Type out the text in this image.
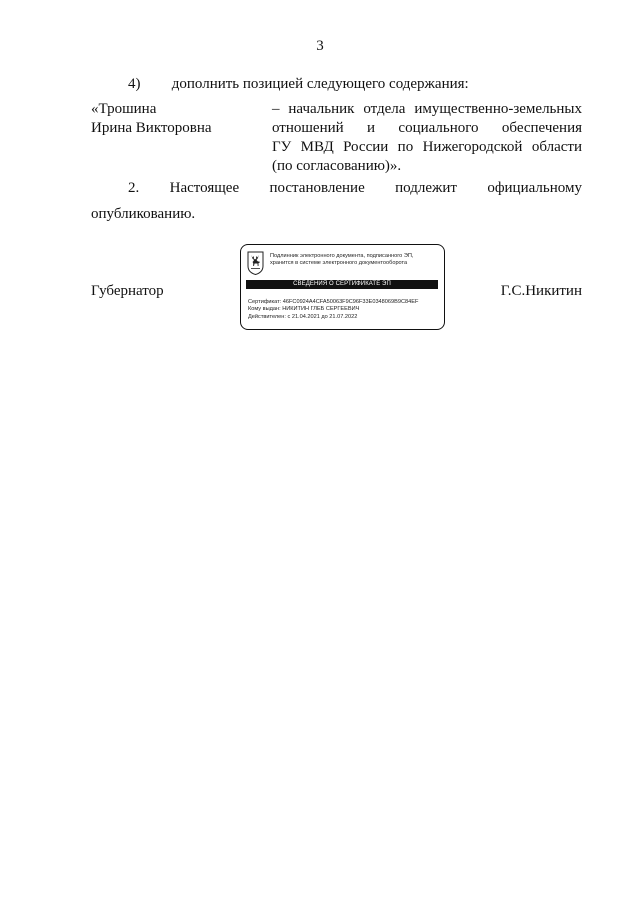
3
4) дополнить позицией следующего содержания:
«Трошина
Ирина Викторовна
– начальник отдела имущественно-земельных
отношений и социального обеспечения
ГУ МВД России по Нижегородской области
(по согласованию)».
2. Настоящее постановление подлежит официальному
опубликованию.
Губернатор	Г.С.Никитин
Подлинник электронного документа, подписанного ЭП,
хранится в системе электронного документооборота
СВЕДЕНИЯ О СЕРТИФИКАТЕ ЭП
Сертификат: 46FC0924A4CFA50063F9C96F33E0348069B9C84EF
Кому выдан: НИКИТИН ГЛЕБ СЕРГЕЕВИЧ
Действителен: с 21.04.2021 до 21.07.2022
